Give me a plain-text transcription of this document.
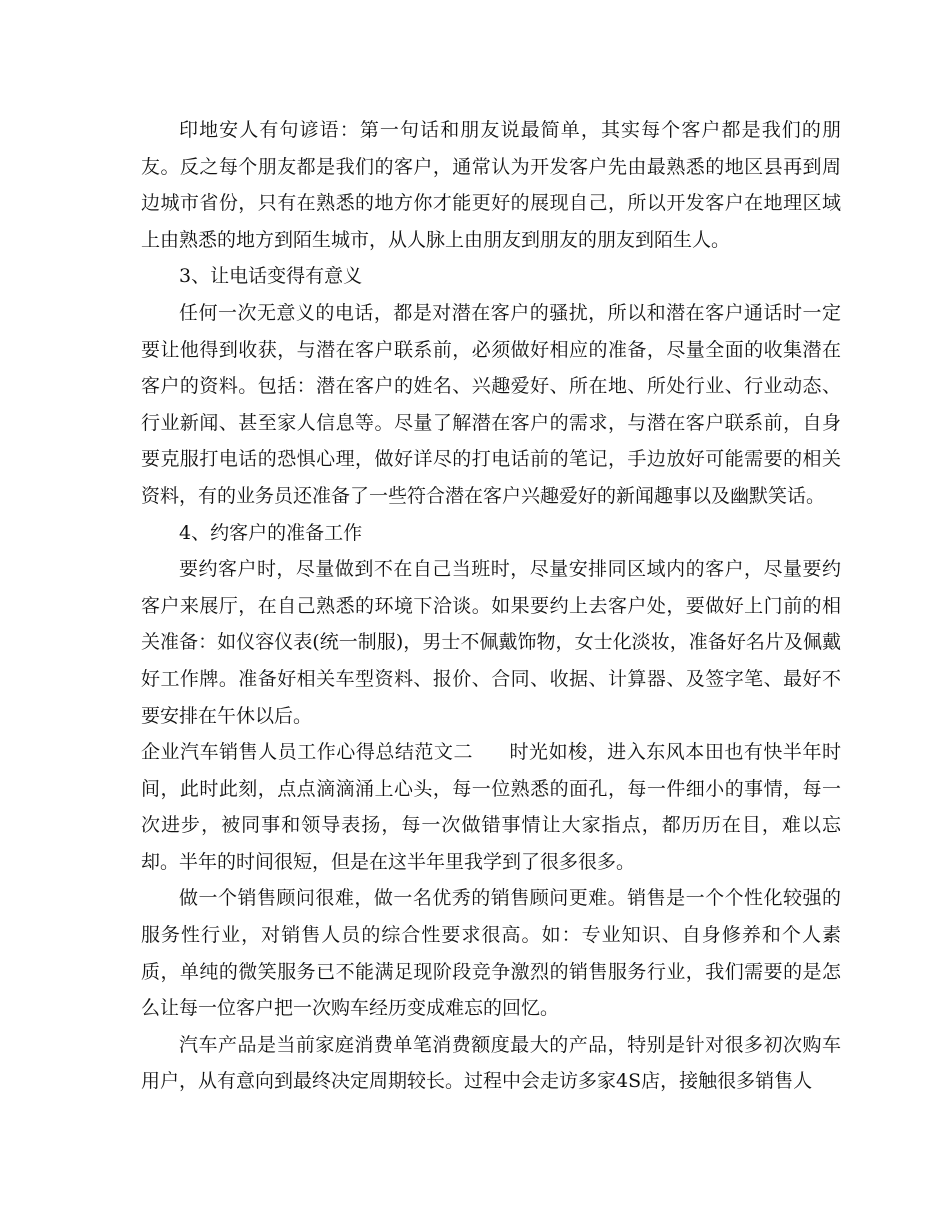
印地安人有句谚语：第一句话和朋友说最简单，其实每个客户都是我们的朋友。反之每个朋友都是我们的客户，通常认为开发客户先由最熟悉的地区县再到周边城市省份，只有在熟悉的地方你才能更好的展现自己，所以开发客户在地理区域上由熟悉的地方到陌生城市，从人脉上由朋友到朋友的朋友到陌生人。

3、让电话变得有意义

任何一次无意义的电话，都是对潜在客户的骚扰，所以和潜在客户通话时一定要让他得到收获，与潜在客户联系前，必须做好相应的准备，尽量全面的收集潜在客户的资料。包括：潜在客户的姓名、兴趣爱好、所在地、所处行业、行业动态、行业新闻、甚至家人信息等。尽量了解潜在客户的需求，与潜在客户联系前，自身要克服打电话的恐惧心理，做好详尽的打电话前的笔记，手边放好可能需要的相关资料，有的业务员还准备了一些符合潜在客户兴趣爱好的新闻趣事以及幽默笑话。

4、约客户的准备工作

要约客户时，尽量做到不在自己当班时，尽量安排同区域内的客户，尽量要约客户来展厅，在自己熟悉的环境下洽谈。如果要约上去客户处，要做好上门前的相关准备：如仪容仪表(统一制服)，男士不佩戴饰物，女士化淡妆，准备好名片及佩戴好工作牌。准备好相关车型资料、报价、合同、收据、计算器、及签字笔、最好不要安排在午休以后。

企业汽车销售人员工作心得总结范文二 时光如梭，进入东风本田也有快半年时间，此时此刻，点点滴滴涌上心头，每一位熟悉的面孔，每一件细小的事情，每一次进步，被同事和领导表扬，每一次做错事情让大家指点，都历历在目，难以忘却。半年的时间很短，但是在这半年里我学到了很多很多。

做一个销售顾问很难，做一名优秀的销售顾问更难。销售是一个个性化较强的服务性行业，对销售人员的综合性要求很高。如：专业知识、自身修养和个人素质，单纯的微笑服务已不能满足现阶段竞争激烈的销售服务行业，我们需要的是怎么让每一位客户把一次购车经历变成难忘的回忆。

汽车产品是当前家庭消费单笔消费额度最大的产品，特别是针对很多初次购车用户，从有意向到最终决定周期较长。过程中会走访多家4S店，接触很多销售人
